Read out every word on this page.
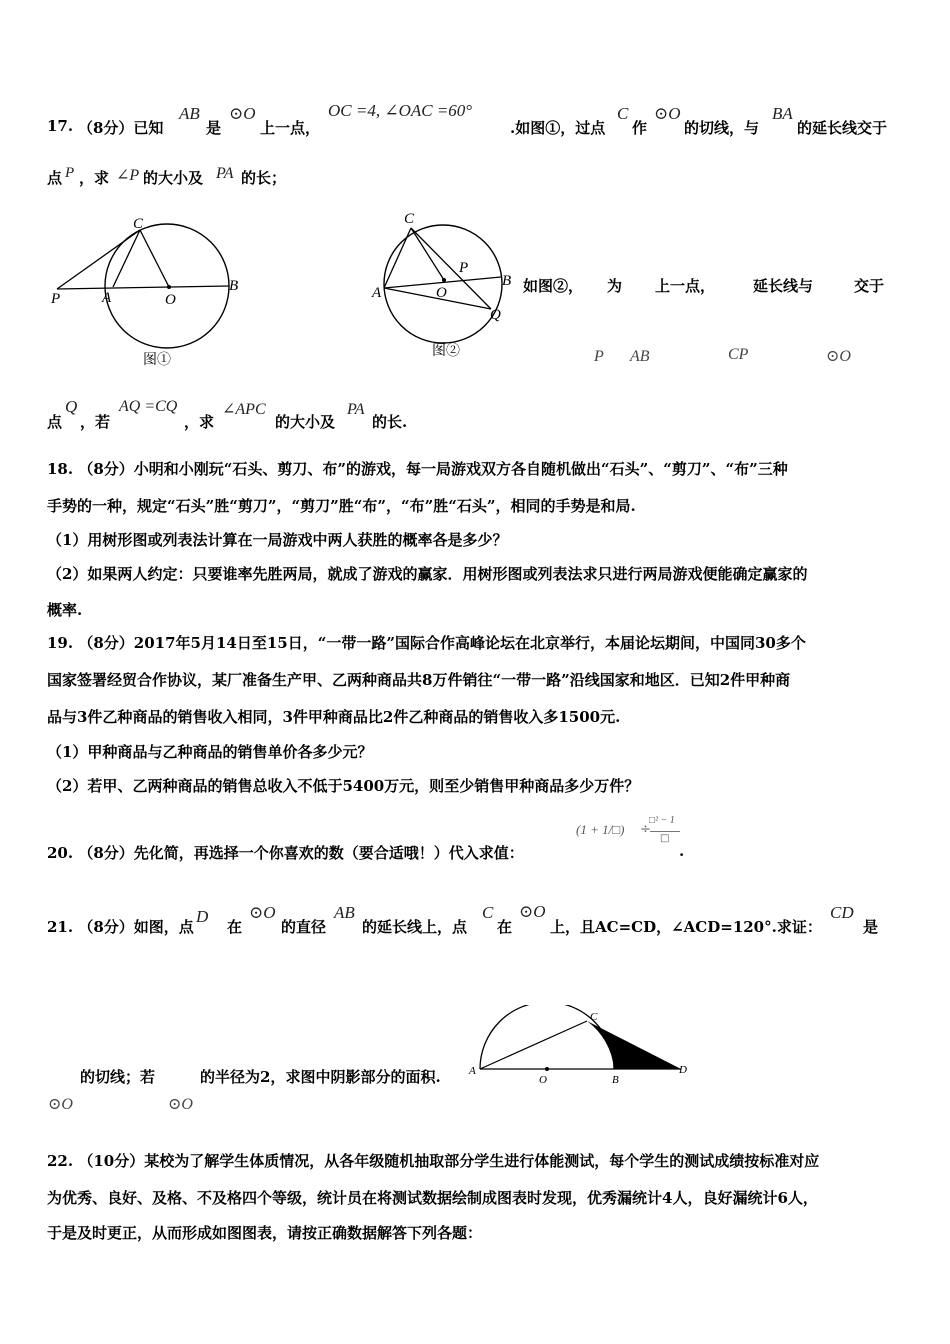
17. （8分）已知
AB
是
⊙O
上一点，
OC =4, ∠OAC =60°
.如图①，过点
C
作
⊙O
的切线，与
BA
的延长线交于
点 P ，求 ∠P 的大小及 PA 的长；
C
P	A	O
B
图①
C
A	O
P
B
Q
图②
如图②， 为 上一点，	延长线与	交于
P AB	CP	⊙O
点
Q
，若
AQ =CQ
，求
∠APC
的大小及
PA
的长.
18. （8分）小明和小刚玩“石头、剪刀、布”的游戏，每一局游戏双方各自随机做出“石头”、“剪刀”、“布”三种
手势的一种，规定“石头”胜“剪刀”，“剪刀”胜“布”，“布”胜“石头”，相同的手势是和局.
（1）用树形图或列表法计算在一局游戏中两人获胜的概率各是多少？
（2）如果两人约定：只要谁率先胜两局，就成了游戏的赢家．用树形图或列表法求只进行两局游戏便能确定赢家的
概率.
19. （8分）2017年5月14日至15日，“一带一路”国际合作高峰论坛在北京举行，本届论坛期间，中国同30多个
国家签署经贸合作协议，某厂准备生产甲、乙两种商品共8万件销往“一带一路”沿线国家和地区．已知2件甲种商
品与3件乙种商品的销售收入相同，3件甲种商品比2件乙种商品的销售收入多1500元.
（1）甲种商品与乙种商品的销售单价各多少元？
（2）若甲、乙两种商品的销售总收入不低于5400万元，则至少销售甲种商品多少万件？
20. （8分）先化简，再选择一个你喜欢的数（要合适哦！）代入求值：
(1 + 1/□) ÷
□² − 1
□
.
21. （8分）如图，点
D
在
⊙O
的直径
AB
的延长线上，点
C
在
⊙O
上，且AC=CD，∠ACD=120°.求证：
CD
是
的切线；若	的半径为2，求图中阴影部分的面积.
⊙O	⊙O
A
O	B
C
D
22. （10分）某校为了解学生体质情况，从各年级随机抽取部分学生进行体能测试，每个学生的测试成绩按标准对应
为优秀、良好、及格、不及格四个等级，统计员在将测试数据绘制成图表时发现，优秀漏统计4人，良好漏统计6人，
于是及时更正，从而形成如图图表，请按正确数据解答下列各题：
